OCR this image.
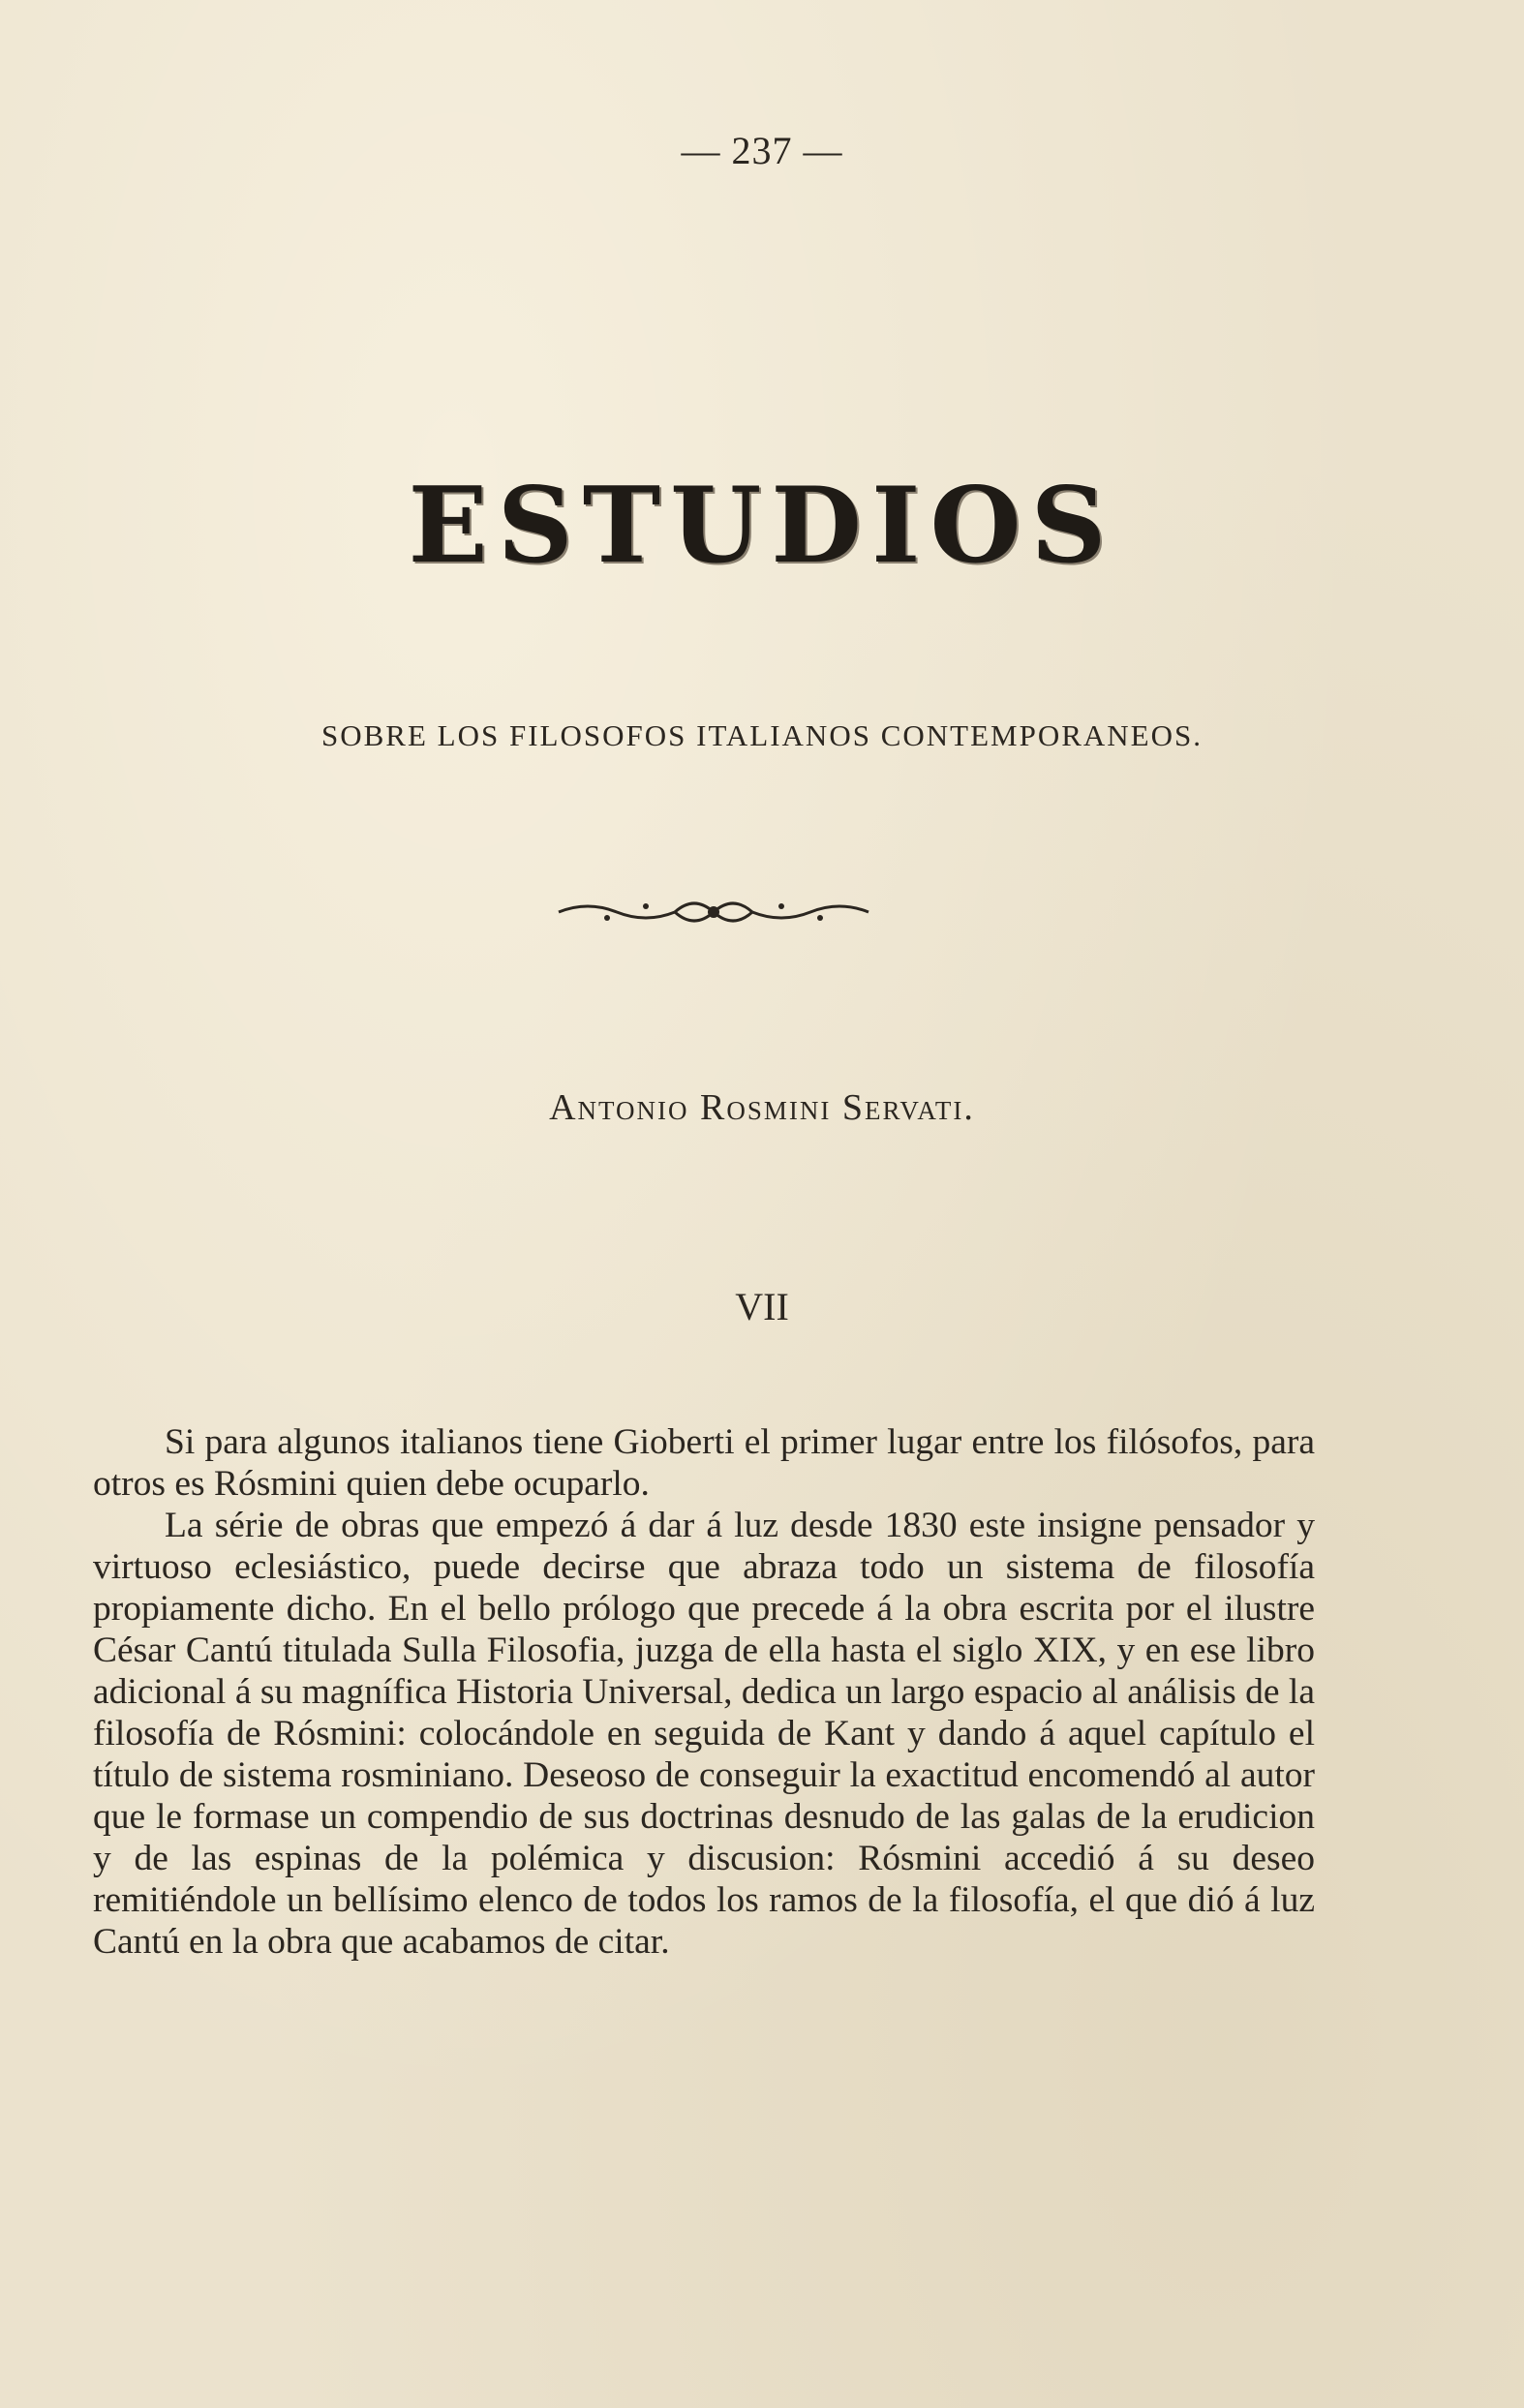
— 237 —
ESTUDIOS
SOBRE LOS FILOSOFOS ITALIANOS CONTEMPORANEOS.
Antonio Rosmini Servati.
VII

Si para algunos italianos tiene Gioberti el primer lugar entre los filósofos, para otros es Rósmini quien debe ocuparlo.

La série de obras que empezó á dar á luz desde 1830 este insigne pensador y virtuoso eclesiástico, puede decirse que abraza todo un sistema de filosofía propiamente dicho. En el bello prólogo que precede á la obra escrita por el ilustre César Cantú titulada Sulla Filosofia, juzga de ella hasta el siglo XIX, y en ese libro adicional á su magnífica Historia Universal, dedica un largo espacio al análisis de la filosofía de Rósmini: colocándole en seguida de Kant y dando á aquel capítulo el título de sistema rosminiano. Deseoso de conseguir la exactitud encomendó al autor que le formase un compendio de sus doctrinas desnudo de las galas de la erudicion y de las espinas de la polémica y discusion: Rósmini accedió á su deseo remitiéndole un bellísimo elenco de todos los ramos de la filosofía, el que dió á luz Cantú en la obra que acabamos de citar.
